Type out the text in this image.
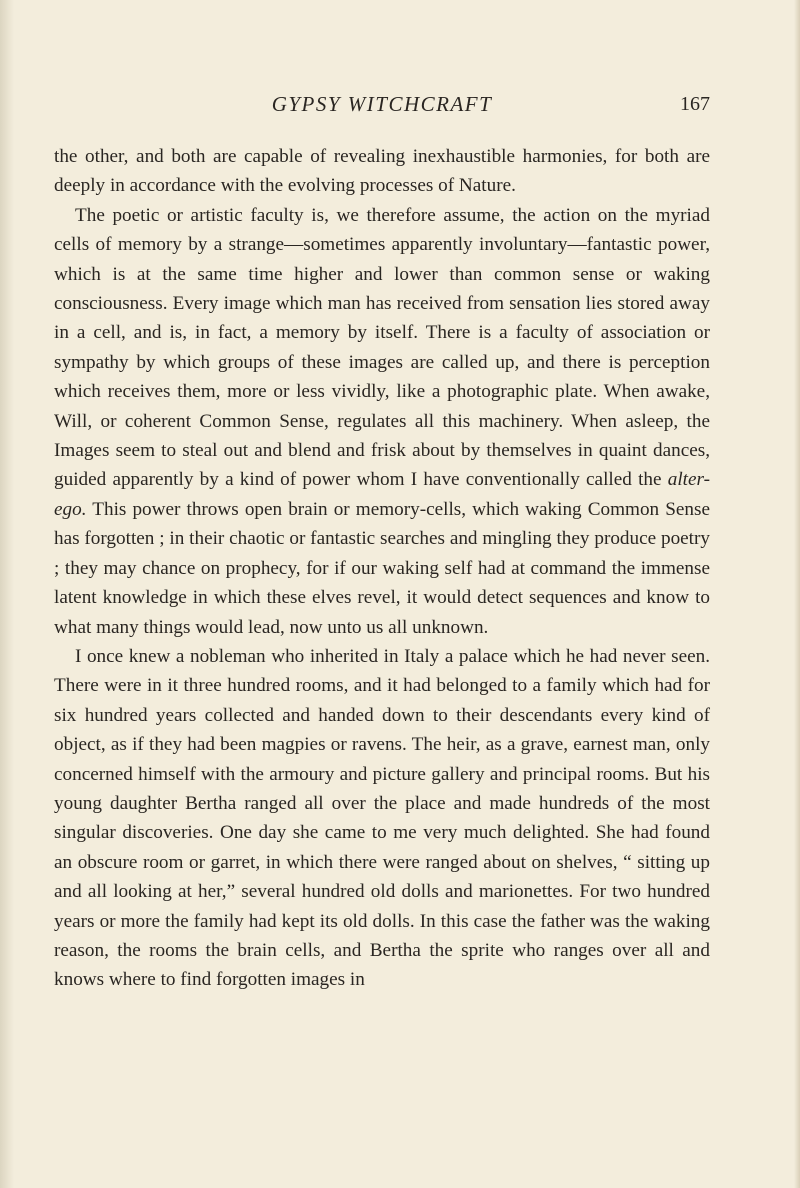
GYPSY WITCHCRAFT	167

the other, and both are capable of revealing inexhaustible harmonies, for both are deeply in accordance with the evolving processes of Nature.

The poetic or artistic faculty is, we therefore assume, the action on the myriad cells of memory by a strange—sometimes apparently involuntary—fantastic power, which is at the same time higher and lower than common sense or waking consciousness. Every image which man has received from sensation lies stored away in a cell, and is, in fact, a memory by itself. There is a faculty of association or sympathy by which groups of these images are called up, and there is perception which receives them, more or less vividly, like a photographic plate. When awake, Will, or coherent Common Sense, regulates all this machinery. When asleep, the Images seem to steal out and blend and frisk about by themselves in quaint dances, guided apparently by a kind of power whom I have conventionally called the alter-ego. This power throws open brain or memory-cells, which waking Common Sense has forgotten ; in their chaotic or fantastic searches and mingling they produce poetry ; they may chance on prophecy, for if our waking self had at command the immense latent knowledge in which these elves revel, it would detect sequences and know to what many things would lead, now unto us all unknown.

I once knew a nobleman who inherited in Italy a palace which he had never seen. There were in it three hundred rooms, and it had belonged to a family which had for six hundred years collected and handed down to their descendants every kind of object, as if they had been magpies or ravens. The heir, as a grave, earnest man, only concerned himself with the armoury and picture gallery and principal rooms. But his young daughter Bertha ranged all over the place and made hundreds of the most singular discoveries. One day she came to me very much delighted. She had found an obscure room or garret, in which there were ranged about on shelves, “ sitting up and all looking at her,” several hundred old dolls and marionettes. For two hundred years or more the family had kept its old dolls. In this case the father was the waking reason, the rooms the brain cells, and Bertha the sprite who ranges over all and knows where to find forgotten images in
